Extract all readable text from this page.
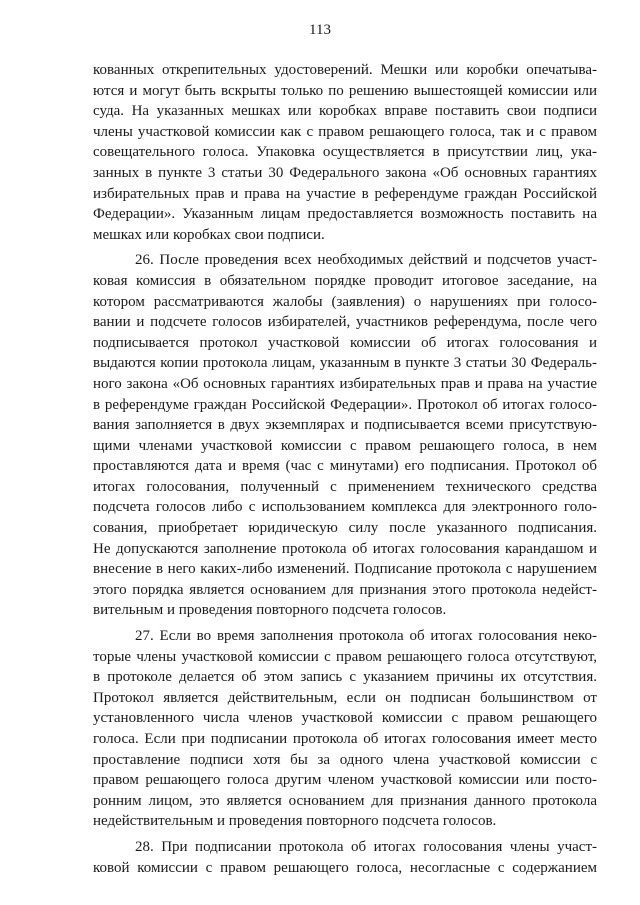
113
кованных открепительных удостоверений. Мешки или коробки опечатыва-
ются и могут быть вскрыты только по решению вышестоящей комиссии или
суда. На указанных мешках или коробках вправе поставить свои подписи
члены участковой комиссии как с правом решающего голоса, так и с правом
совещательного голоса. Упаковка осуществляется в присутствии лиц, ука-
занных в пункте 3 статьи 30 Федерального закона «Об основных гарантиях
избирательных прав и права на участие в референдуме граждан Российской
Федерации». Указанным лицам предоставляется возможность поставить на
мешках или коробках свои подписи.
26. После проведения всех необходимых действий и подсчетов участ-
ковая комиссия в обязательном порядке проводит итоговое заседание, на
котором рассматриваются жалобы (заявления) о нарушениях при голосо-
вании и подсчете голосов избирателей, участников референдума, после чего
подписывается протокол участковой комиссии об итогах голосования и
выдаются копии протокола лицам, указанным в пункте 3 статьи 30 Федераль-
ного закона «Об основных гарантиях избирательных прав и права на участие
в референдуме граждан Российской Федерации». Протокол об итогах голосо-
вания заполняется в двух экземплярах и подписывается всеми присутствую-
щими членами участковой комиссии с правом решающего голоса, в нем
проставляются дата и время (час с минутами) его подписания. Протокол об
итогах голосования, полученный с применением технического средства
подсчета голосов либо с использованием комплекса для электронного голо-
сования, приобретает юридическую силу после указанного подписания.
Не допускаются заполнение протокола об итогах голосования карандашом и
внесение в него каких-либо изменений. Подписание протокола с нарушением
этого порядка является основанием для признания этого протокола недейст-
вительным и проведения повторного подсчета голосов.
27. Если во время заполнения протокола об итогах голосования неко-
торые члены участковой комиссии с правом решающего голоса отсутствуют,
в протоколе делается об этом запись с указанием причины их отсутствия.
Протокол является действительным, если он подписан большинством от
установленного числа членов участковой комиссии с правом решающего
голоса. Если при подписании протокола об итогах голосования имеет место
проставление подписи хотя бы за одного члена участковой комиссии с
правом решающего голоса другим членом участковой комиссии или посто-
ронним лицом, это является основанием для признания данного протокола
недействительным и проведения повторного подсчета голосов.
28. При подписании протокола об итогах голосования члены участ-
ковой комиссии с правом решающего голоса, несогласные с содержанием
